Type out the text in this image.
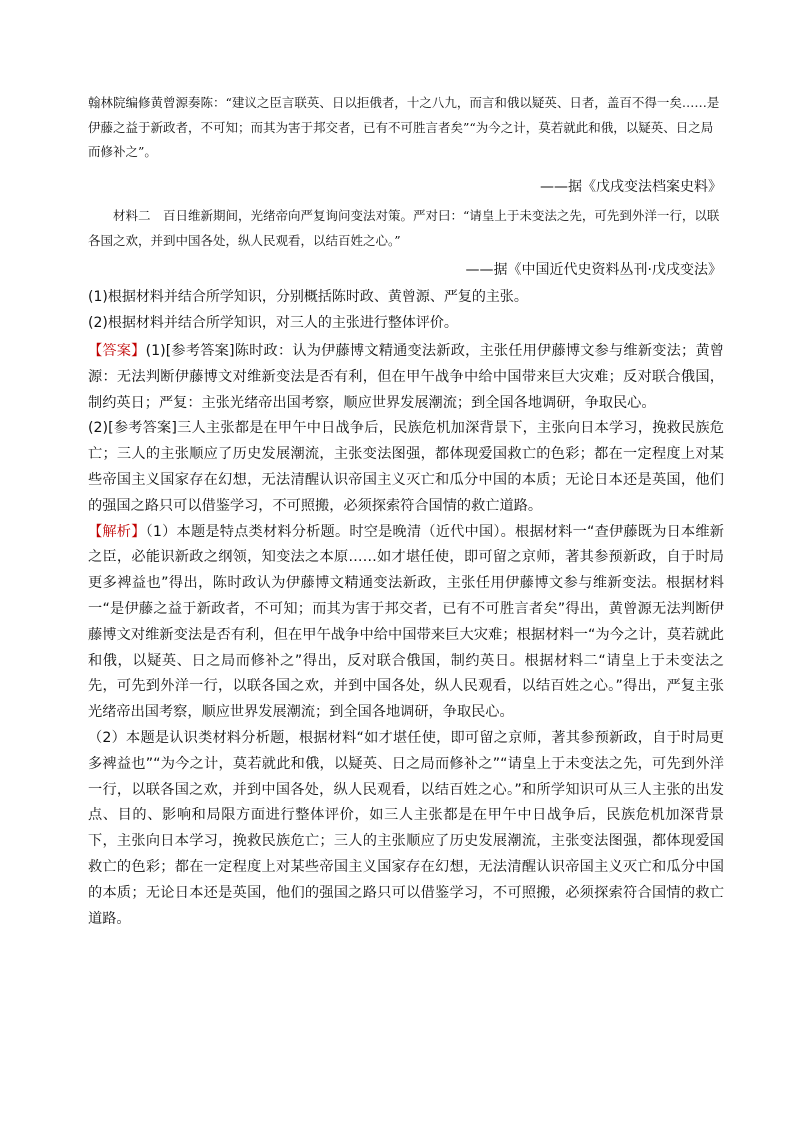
翰林院编修黄曾源奏陈：“建议之臣言联英、日以拒俄者，十之八九，而言和俄以疑英、日者，盖百不得一矣……是伊藤之益于新政者，不可知；而其为害于邦交者，已有不可胜言者矣”“为今之计，莫若就此和俄，以疑英、日之局而修补之”。

——据《戊戌变法档案史料》

材料二　百日维新期间，光绪帝向严复询问变法对策。严对曰：“请皇上于未变法之先，可先到外洋一行，以联各国之欢，并到中国各处，纵人民观看，以结百姓之心。”

——据《中国近代史资料丛刊·戊戌变法》
(1)根据材料并结合所学知识，分别概括陈时政、黄曾源、严复的主张。
(2)根据材料并结合所学知识，对三人的主张进行整体评价。

【答案】(1)[参考答案]陈时政：认为伊藤博文精通变法新政，主张任用伊藤博文参与维新变法；黄曾源：无法判断伊藤博文对维新变法是否有利，但在甲午战争中给中国带来巨大灾难；反对联合俄国，制约英日；严复：主张光绪帝出国考察，顺应世界发展潮流；到全国各地调研，争取民心。

(2)[参考答案]三人主张都是在甲午中日战争后，民族危机加深背景下，主张向日本学习，挽救民族危亡；三人的主张顺应了历史发展潮流，主张变法图强，都体现爱国救亡的色彩；都在一定程度上对某些帝国主义国家存在幻想，无法清醒认识帝国主义灭亡和瓜分中国的本质；无论日本还是英国，他们的强国之路只可以借鉴学习，不可照搬，必须探索符合国情的救亡道路。

【解析】（1）本题是特点类材料分析题。时空是晚清（近代中国）。根据材料一“查伊藤既为日本维新之臣，必能识新政之纲领，知变法之本原……如才堪任使，即可留之京师，著其参预新政，自于时局更多裨益也”得出，陈时政认为伊藤博文精通变法新政，主张任用伊藤博文参与维新变法。根据材料一“是伊藤之益于新政者，不可知；而其为害于邦交者，已有不可胜言者矣”得出，黄曾源无法判断伊藤博文对维新变法是否有利，但在甲午战争中给中国带来巨大灾难；根据材料一“为今之计，莫若就此和俄，以疑英、日之局而修补之”得出，反对联合俄国，制约英日。根据材料二“请皇上于未变法之先，可先到外洋一行，以联各国之欢，并到中国各处，纵人民观看，以结百姓之心。”得出，严复主张光绪帝出国考察，顺应世界发展潮流；到全国各地调研，争取民心。

（2）本题是认识类材料分析题，根据材料“如才堪任使，即可留之京师，著其参预新政，自于时局更多裨益也”“为今之计，莫若就此和俄，以疑英、日之局而修补之”“请皇上于未变法之先，可先到外洋一行，以联各国之欢，并到中国各处，纵人民观看，以结百姓之心。”和所学知识可从三人主张的出发点、目的、影响和局限方面进行整体评价，如三人主张都是在甲午中日战争后，民族危机加深背景下，主张向日本学习，挽救民族危亡；三人的主张顺应了历史发展潮流，主张变法图强，都体现爱国救亡的色彩；都在一定程度上对某些帝国主义国家存在幻想，无法清醒认识帝国主义灭亡和瓜分中国的本质；无论日本还是英国，他们的强国之路只可以借鉴学习，不可照搬，必须探索符合国情的救亡道路。
